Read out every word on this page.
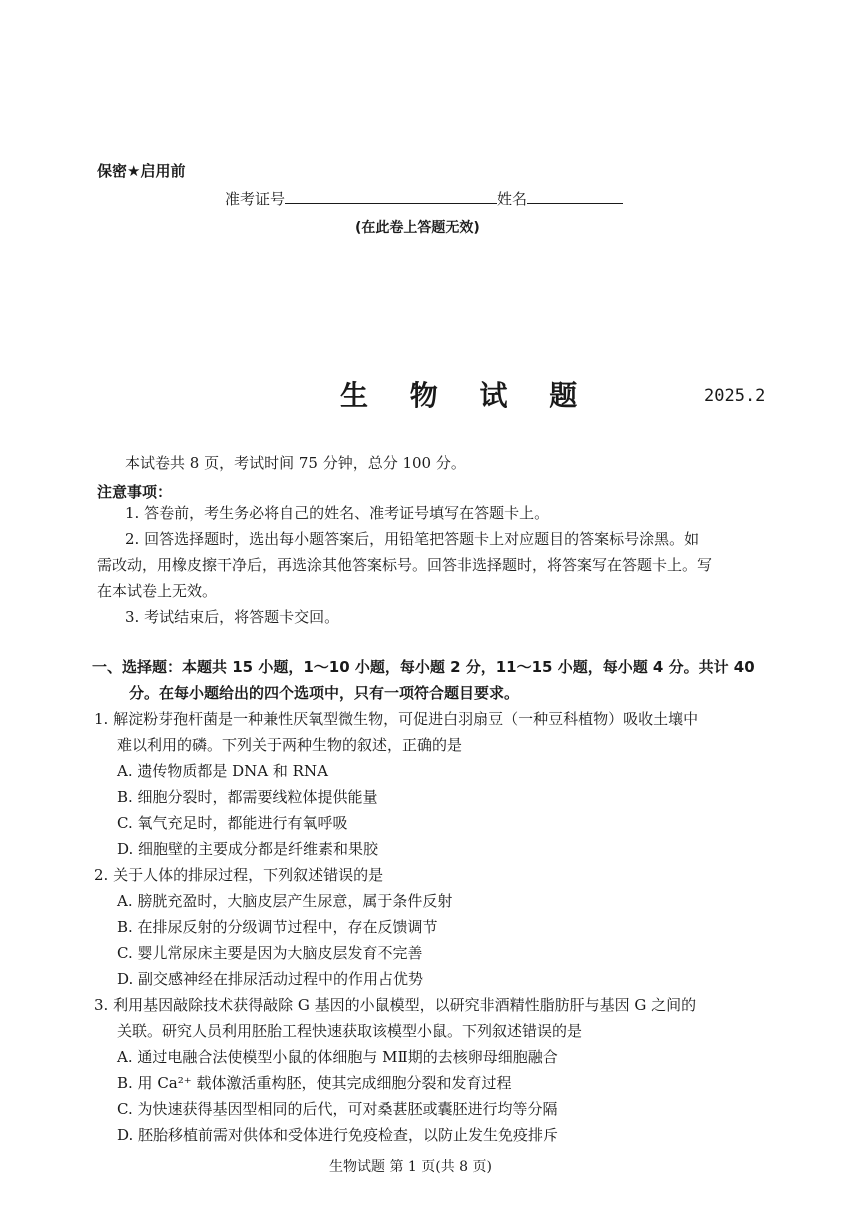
保密★启用前
准考证号	姓名
(在此卷上答题无效)
生 物 试 题	2025.2
本试卷共 8 页，考试时间 75 分钟，总分 100 分。
注意事项：
1. 答卷前，考生务必将自己的姓名、准考证号填写在答题卡上。
2. 回答选择题时，选出每小题答案后，用铅笔把答题卡上对应题目的答案标号涂黑。如
需改动，用橡皮擦干净后，再选涂其他答案标号。回答非选择题时，将答案写在答题卡上。写
在本试卷上无效。
3. 考试结束后，将答题卡交回。
一、选择题：本题共 15 小题，1～10 小题，每小题 2 分，11～15 小题，每小题 4 分。共计 40
分。在每小题给出的四个选项中，只有一项符合题目要求。
1. 解淀粉芽孢杆菌是一种兼性厌氧型微生物，可促进白羽扇豆（一种豆科植物）吸收土壤中
难以利用的磷。下列关于两种生物的叙述，正确的是
A. 遗传物质都是 DNA 和 RNA
B. 细胞分裂时，都需要线粒体提供能量
C. 氧气充足时，都能进行有氧呼吸
D. 细胞壁的主要成分都是纤维素和果胶
2. 关于人体的排尿过程，下列叙述错误的是
A. 膀胱充盈时，大脑皮层产生尿意，属于条件反射
B. 在排尿反射的分级调节过程中，存在反馈调节
C. 婴儿常尿床主要是因为大脑皮层发育不完善
D. 副交感神经在排尿活动过程中的作用占优势
3. 利用基因敲除技术获得敲除 G 基因的小鼠模型，以研究非酒精性脂肪肝与基因 G 之间的
关联。研究人员利用胚胎工程快速获取该模型小鼠。下列叙述错误的是
A. 通过电融合法使模型小鼠的体细胞与 MⅡ期的去核卵母细胞融合
B. 用 Ca²⁺ 载体激活重构胚，使其完成细胞分裂和发育过程
C. 为快速获得基因型相同的后代，可对桑葚胚或囊胚进行均等分隔
D. 胚胎移植前需对供体和受体进行免疫检查，以防止发生免疫排斥
生物试题 第 1 页(共 8 页)
